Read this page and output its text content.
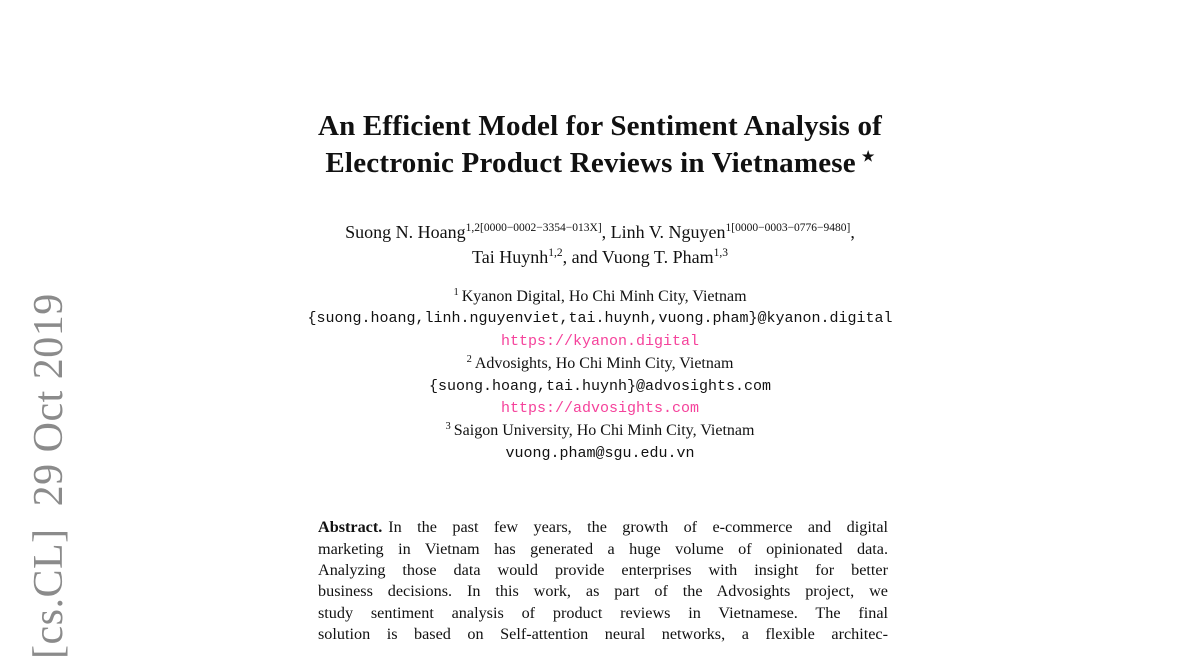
[cs.CL]  29 Oct 2019
An Efficient Model for Sentiment Analysis of
Electronic Product Reviews in Vietnamese ★
Suong N. Hoang$^{1,2[0000-0002-3354-013X]}$, Linh V. Nguyen$^{1[0000-0003-0776-9480]}$,
Tai Huynh$^{1,2}$, and Vuong T. Pham$^{1,3}$
$^1$ Kyanon Digital, Ho Chi Minh City, Vietnam
{suong.hoang,linh.nguyenviet,tai.huynh,vuong.pham}@kyanon.digital
https://kyanon.digital
$^2$ Advosights, Ho Chi Minh City, Vietnam
{suong.hoang,tai.huynh}@advosights.com
https://advosights.com
$^3$ Saigon University, Ho Chi Minh City, Vietnam
vuong.pham@sgu.edu.vn
Abstract. In the past few years, the growth of e-commerce and digital
marketing in Vietnam has generated a huge volume of opinionated data.
Analyzing those data would provide enterprises with insight for better
business decisions. In this work, as part of the Advosights project, we
study sentiment analysis of product reviews in Vietnamese. The final
solution is based on Self-attention neural networks, a flexible architec-
